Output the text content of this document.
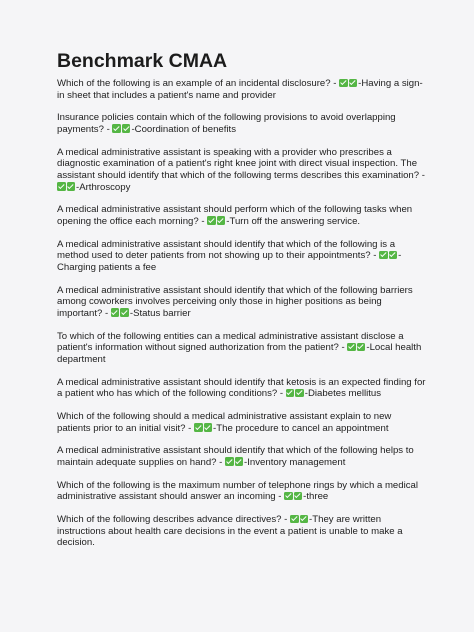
Benchmark CMAA

Which of the following is an example of an incidental disclosure? - -Having a sign-in sheet that includes a patient's name and provider

Insurance policies contain which of the following provisions to avoid overlapping payments? - -Coordination of benefits

A medical administrative assistant is speaking with a provider who prescribes a diagnostic examination of a patient's right knee joint with direct visual inspection. The assistant should identify that which of the following terms describes this examination? - -Arthroscopy

A medical administrative assistant should perform which of the following tasks when opening the office each morning? - -Turn off the answering service.

A medical administrative assistant should identify that which of the following is a method used to deter patients from not showing up to their appointments? - -Charging patients a fee

A medical administrative assistant should identify that which of the following barriers among coworkers involves perceiving only those in higher positions as being important? - -Status barrier

To which of the following entities can a medical administrative assistant disclose a patient's information without signed authorization from the patient? - -Local health department

A medical administrative assistant should identify that ketosis is an expected finding for a patient who has which of the following conditions? - -Diabetes mellitus

Which of the following should a medical administrative assistant explain to new patients prior to an initial visit? - -The procedure to cancel an appointment

A medical administrative assistant should identify that which of the following helps to maintain adequate supplies on hand? - -Inventory management

Which of the following is the maximum number of telephone rings by which a medical administrative assistant should answer an incoming - -three

Which of the following describes advance directives? - -They are written instructions about health care decisions in the event a patient is unable to make a decision.
